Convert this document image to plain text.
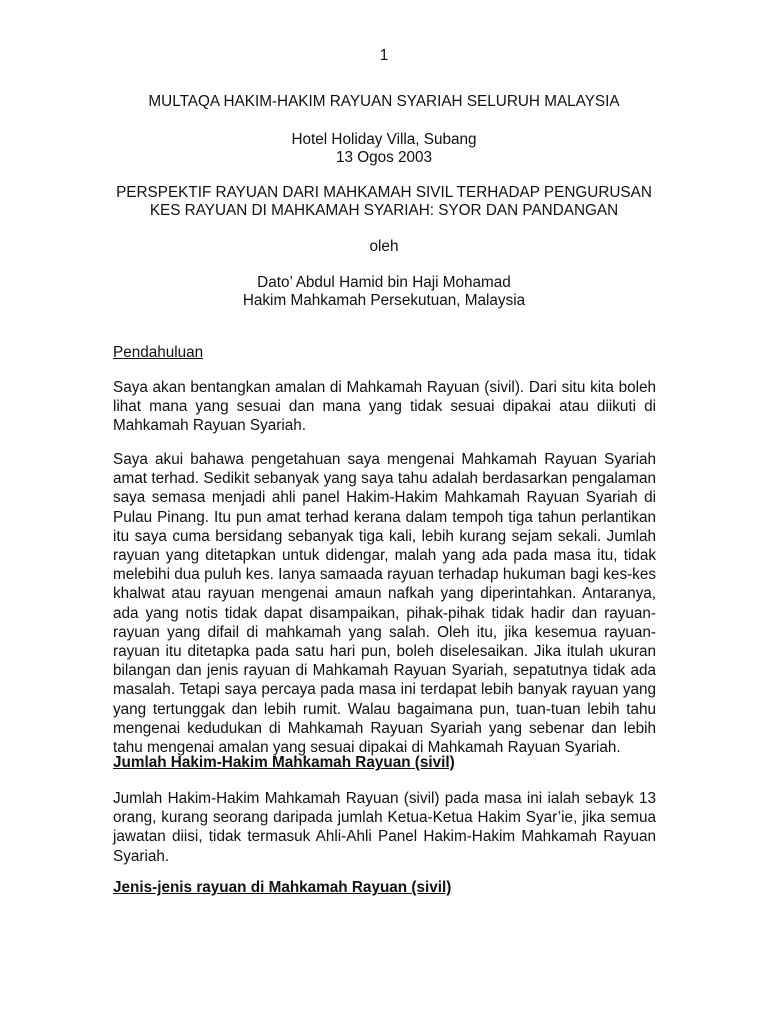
1
MULTAQA HAKIM-HAKIM RAYUAN SYARIAH SELURUH MALAYSIA
Hotel Holiday Villa, Subang
13 Ogos 2003
PERSPEKTIF RAYUAN DARI MAHKAMAH SIVIL TERHADAP PENGURUSAN
KES RAYUAN DI MAHKAMAH SYARIAH: SYOR DAN PANDANGAN
oleh
Dato’ Abdul Hamid bin Haji Mohamad
Hakim Mahkamah Persekutuan, Malaysia
Pendahuluan
Saya akan bentangkan amalan di Mahkamah Rayuan (sivil). Dari situ kita boleh
lihat mana yang sesuai dan mana yang tidak sesuai dipakai atau diikuti di
Mahkamah Rayuan Syariah.
Saya akui bahawa pengetahuan saya mengenai Mahkamah Rayuan Syariah
amat terhad. Sedikit sebanyak yang saya tahu adalah berdasarkan pengalaman
saya semasa menjadi ahli panel Hakim-Hakim Mahkamah Rayuan Syariah di
Pulau Pinang. Itu pun amat terhad kerana dalam tempoh tiga tahun perlantikan
itu saya cuma bersidang sebanyak tiga kali, lebih kurang sejam sekali. Jumlah
rayuan yang ditetapkan untuk didengar, malah yang ada pada masa itu, tidak
melebihi dua puluh kes. Ianya samaada rayuan terhadap hukuman bagi kes-kes
khalwat atau rayuan mengenai amaun nafkah yang diperintahkan. Antaranya,
ada yang notis tidak dapat disampaikan, pihak-pihak tidak hadir dan rayuan-
rayuan yang difail di mahkamah yang salah. Oleh itu, jika kesemua rayuan-
rayuan itu ditetapka pada satu hari pun, boleh diselesaikan. Jika itulah ukuran
bilangan dan jenis rayuan di Mahkamah Rayuan Syariah, sepatutnya tidak ada
masalah. Tetapi saya percaya pada masa ini terdapat lebih banyak rayuan yang
yang tertunggak dan lebih rumit. Walau bagaimana pun, tuan-tuan lebih tahu
mengenai kedudukan di Mahkamah Rayuan Syariah yang sebenar dan lebih
tahu mengenai amalan yang sesuai dipakai di Mahkamah Rayuan Syariah.
Jumlah Hakim-Hakim Mahkamah Rayuan (sivil)
Jumlah Hakim-Hakim Mahkamah Rayuan (sivil) pada masa ini ialah sebayk 13
orang, kurang seorang daripada jumlah Ketua-Ketua Hakim Syar’ie, jika semua
jawatan diisi, tidak termasuk Ahli-Ahli Panel Hakim-Hakim Mahkamah Rayuan
Syariah.
Jenis-jenis rayuan di Mahkamah Rayuan (sivil)
